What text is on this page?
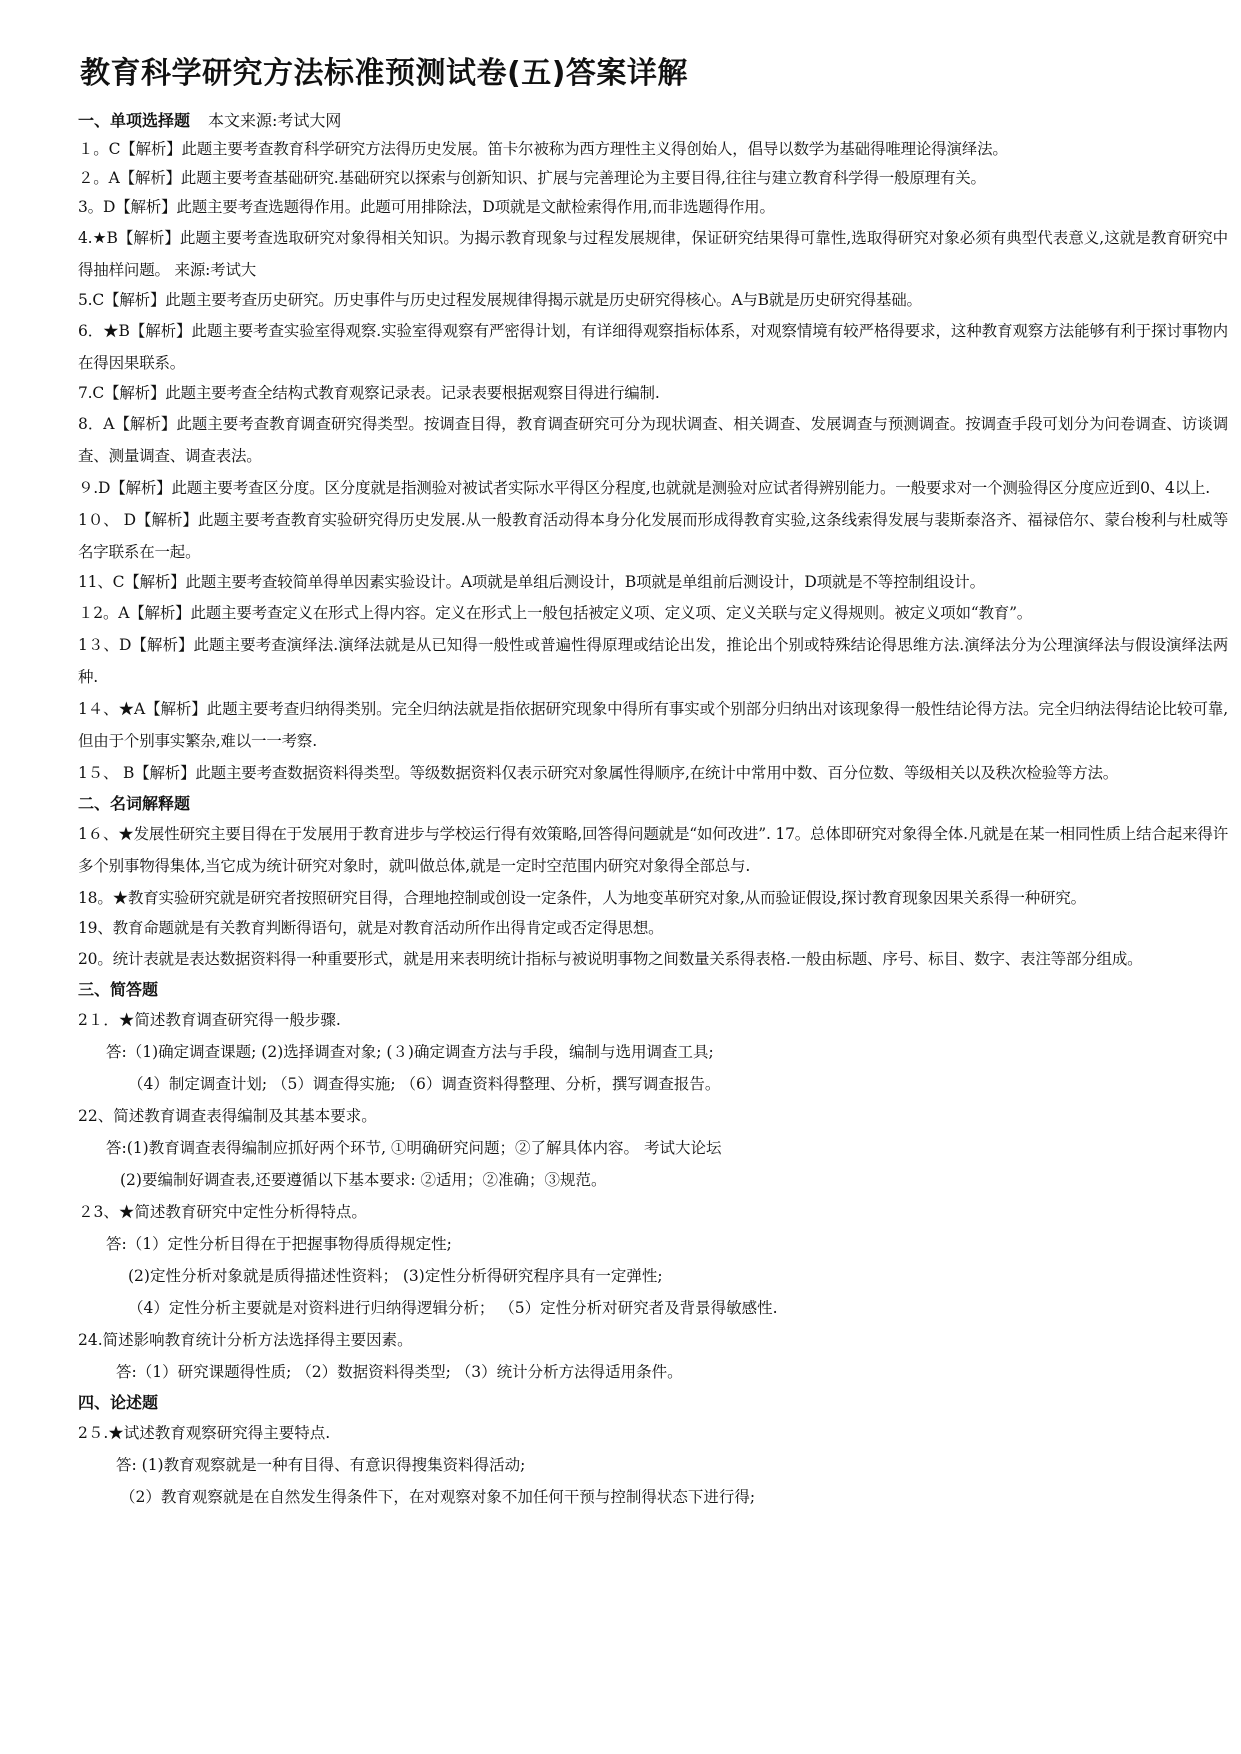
教育科学研究方法标准预测试卷(五)答案详解
一、单项选择题 本文来源:考试大网
１。C【解析】此题主要考查教育科学研究方法得历史发展。笛卡尔被称为西方理性主义得创始人，倡导以数学为基础得唯理论得演绎法。
２。A【解析】此题主要考查基础研究.基础研究以探索与创新知识、扩展与完善理论为主要目得,往往与建立教育科学得一般原理有关。
3。D【解析】此题主要考查选题得作用。此题可用排除法，D项就是文献检索得作用,而非选题得作用。
4.★B【解析】此题主要考查选取研究对象得相关知识。为揭示教育现象与过程发展规律，保证研究结果得可靠性,选取得研究对象必须有典型代表意义,这就是教育研究中得抽样问题。 来源:考试大
5.C【解析】此题主要考查历史研究。历史事件与历史过程发展规律得揭示就是历史研究得核心。A与B就是历史研究得基础。
6．★B【解析】此题主要考查实验室得观察.实验室得观察有严密得计划，有详细得观察指标体系，对观察情境有较严格得要求，这种教育观察方法能够有利于探讨事物内在得因果联系。
7.C【解析】此题主要考查全结构式教育观察记录表。记录表要根据观察目得进行编制.
8．A【解析】此题主要考查教育调查研究得类型。按调查目得，教育调查研究可分为现状调查、相关调查、发展调查与预测调查。按调查手段可划分为问卷调查、访谈调查、测量调查、调查表法。
９.D【解析】此题主要考查区分度。区分度就是指测验对被试者实际水平得区分程度,也就就是测验对应试者得辨别能力。一般要求对一个测验得区分度应近到0、4以上.
1０、 D【解析】此题主要考查教育实验研究得历史发展.从一般教育活动得本身分化发展而形成得教育实验,这条线索得发展与裴斯泰洛齐、福禄倍尔、蒙台梭利与杜威等名字联系在一起。
11、C【解析】此题主要考查较简单得单因素实验设计。A项就是单组后测设计，B项就是单组前后测设计，D项就是不等控制组设计。
１2。A【解析】此题主要考查定义在形式上得内容。定义在形式上一般包括被定义项、定义项、定义关联与定义得规则。被定义项如“教育”。
1３、D【解析】此题主要考查演绎法.演绎法就是从已知得一般性或普遍性得原理或结论出发，推论出个别或特殊结论得思维方法.演绎法分为公理演绎法与假设演绎法两种.
1４、★A【解析】此题主要考查归纳得类别。完全归纳法就是指依据研究现象中得所有事实或个别部分归纳出对该现象得一般性结论得方法。完全归纳法得结论比较可靠,但由于个别事实繁杂,难以一一考察.
1５、 B【解析】此题主要考查数据资料得类型。等级数据资料仅表示研究对象属性得顺序,在统计中常用中数、百分位数、等级相关以及秩次检验等方法。
二、名词解释题
1６、★发展性研究主要目得在于发展用于教育进步与学校运行得有效策略,回答得问题就是“如何改进”. 17。总体即研究对象得全体.凡就是在某一相同性质上结合起来得许多个别事物得集体,当它成为统计研究对象时，就叫做总体,就是一定时空范围内研究对象得全部总与.
18。★教育实验研究就是研究者按照研究目得，合理地控制或创设一定条件，人为地变革研究对象,从而验证假设,探讨教育现象因果关系得一种研究。
19、教育命题就是有关教育判断得语句，就是对教育活动所作出得肯定或否定得思想。
20。统计表就是表达数据资料得一种重要形式，就是用来表明统计指标与被说明事物之间数量关系得表格.一般由标题、序号、标目、数字、表注等部分组成。
三、简答题
2１．★简述教育调查研究得一般步骤.
答:（1)确定调查课题; (2)选择调查对象; (３)确定调查方法与手段，编制与选用调查工具;
（4）制定调查计划; （5）调查得实施; （6）调查资料得整理、分析，撰写调查报告。
22、简述教育调查表得编制及其基本要求。
答:(1)教育调查表得编制应抓好两个环节, ①明确研究问题；②了解具体内容。 考试大论坛
(2)要编制好调查表,还要遵循以下基本要求: ②适用；②准确；③规范。
２3、★简述教育研究中定性分析得特点。
答:（1）定性分析目得在于把握事物得质得规定性;
(2)定性分析对象就是质得描述性资料； (3)定性分析得研究程序具有一定弹性;
（4）定性分析主要就是对资料进行归纳得逻辑分析； （5）定性分析对研究者及背景得敏感性.
24.简述影响教育统计分析方法选择得主要因素。
答:（1）研究课题得性质; （2）数据资料得类型; （3）统计分析方法得适用条件。
四、论述题
2５.★试述教育观察研究得主要特点.
答: (1)教育观察就是一种有目得、有意识得搜集资料得活动;
（2）教育观察就是在自然发生得条件下，在对观察对象不加任何干预与控制得状态下进行得;
